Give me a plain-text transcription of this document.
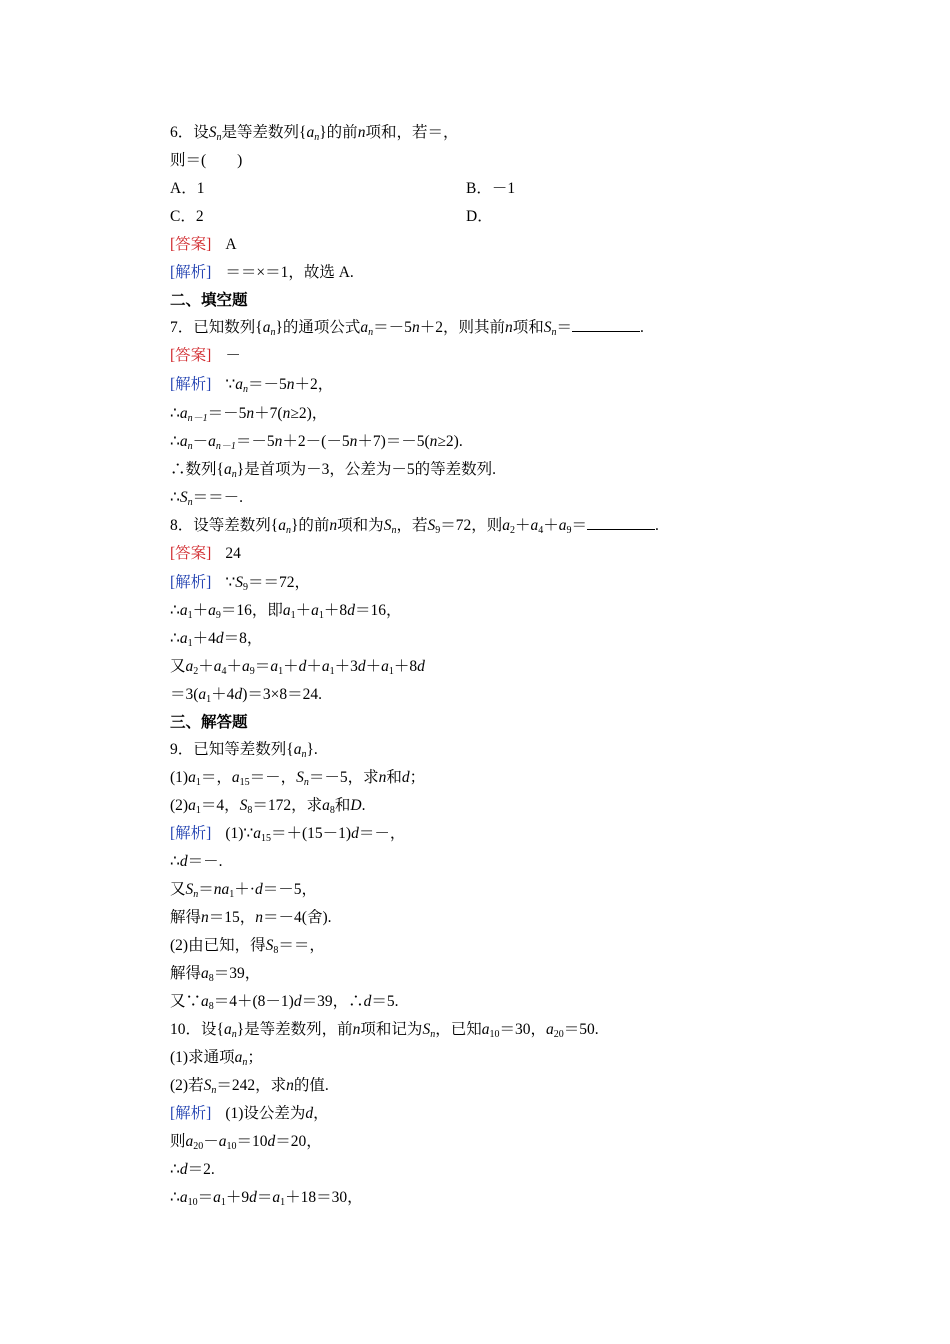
6．设$S_n$是等差数列$\{a_n\}$的前n项和，若＝，
则＝(　　)
A．1	B．－1
C．2	D．
[答案] A
[解析] ＝＝×＝1，故选 A.
二、填空题
7．已知数列$\{a_n\}$的通项公式$a_n=-5n+2$，则其前n项和$S_n=$	.
[答案] －
[解析] $\because a_n=-5n+2$，
$\therefore a_{n-1}=-5n+7(n\ge 2)$，
$\therefore a_n-a_{n-1}=-5n+2-(-5n+7)=-5(n\ge 2)$.
∴数列$\{a_n\}$是首项为－3，公差为－5的等差数列.
$\therefore S_n==-$.
8．设等差数列$\{a_n\}$的前n项和为$S_n$，若$S_9=72$，则$a_2+a_4+a_9=$	.
[答案] 24
[解析] $\because S_9==72$，
$\therefore a_1+a_9=16$，即$a_1+a_1+8d=16$，
$\therefore a_1+4d=8$，
又$a_2+a_4+a_9=a_1+d+a_1+3d+a_1+8d$
$=3(a_1+4d)=3\times 8=24$.
三、解答题
9．已知等差数列$\{a_n\}$.
$(1)a_1=$，$a_{15}=-$，$S_n=-5$，求n和d；
$(2)a_1=4$，$S_8=172$，求$a_8$和D.
[解析] $(1)\because a_{15}=+(15-1)d=-$，
∴d＝－.
又$S_n=na_1+\cdot d=-5$，
解得n＝15，n＝－4(舍).
(2)由已知，得$S_8==$，
解得$a_8=39$，
又$\because a_8=4+(8-1)d=39$，∴d＝5.
10．设$\{a_n\}$是等差数列，前n项和记为$S_n$，已知$a_{10}=30$，$a_{20}=50$.
(1)求通项$a_n$；
(2)若$S_n=242$，求n的值.
[解析] (1)设公差为d，
则$a_{20}-a_{10}=10d=20$，
∴d＝2.
$\therefore a_{10}=a_1+9d=a_1+18=30$，
